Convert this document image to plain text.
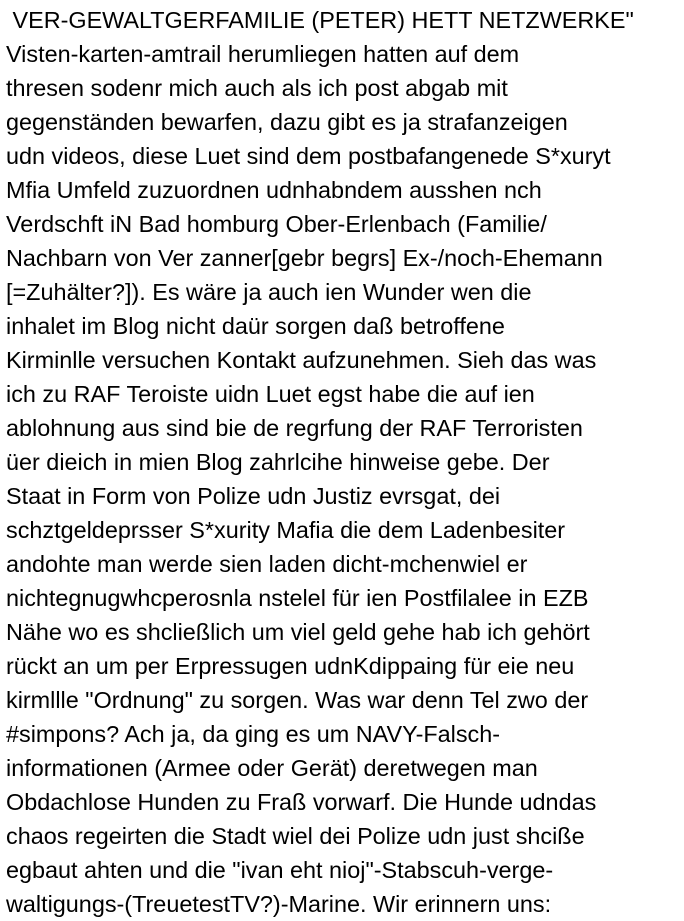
VER-GEWALTGERFAMILIE (PETER) HETT NETZWERKE"
Visten-karten-amtrail herumliegen hatten auf dem
thresen sodenr mich auch als ich post abgab mit
gegenständen bewarfen, dazu gibt es ja strafanzeigen
udn videos, diese Luet sind dem postbafangenede S*xuryt
Mfia Umfeld zuzuordnen udnhabndem ausshen nch
Verdschft iN Bad homburg Ober-Erlenbach (Familie/
Nachbarn von Ver zanner[gebr begrs] Ex-/noch-Ehemann
[=Zuhälter?]). Es wäre ja auch ien Wunder wen die
inhalet im Blog nicht daür sorgen daß betroffene
Kirminlle versuchen Kontakt aufzunehmen. Sieh das was
ich zu RAF Teroiste uidn Luet egst habe die auf ien
ablohnung aus sind bie de regrfung der RAF Terroristen
üer dieich in mien Blog zahrlcihe hinweise gebe. Der
Staat in Form von Polize udn Justiz evrsgat, dei
schztgeldeprsser S*xurity Mafia die dem Ladenbesiter
andohte man werde sien laden dicht-mchenwiel er
nichtegnugwhcperosnla nstelel für ien Postfilalee in EZB
Nähe wo es shcließlich um viel geld gehe hab ich gehört
rückt an um per Erpressugen udnKdippaing für eie neu
kirmllle "Ordnung" zu sorgen. Was war denn Tel zwo der
#simpons? Ach ja, da ging es um NAVY-Falsch-
informationen (Armee oder Gerät) deretwegen man
Obdachlose Hunden zu Fraß vorwarf. Die Hunde udndas
chaos regeirten die Stadt wiel dei Polize udn just shciße
egbaut ahten und die "ivan eht nioj"-Stabscuh-verge-
waltigungs-(TreuetestTV?)-Marine. Wir erinnern uns:
